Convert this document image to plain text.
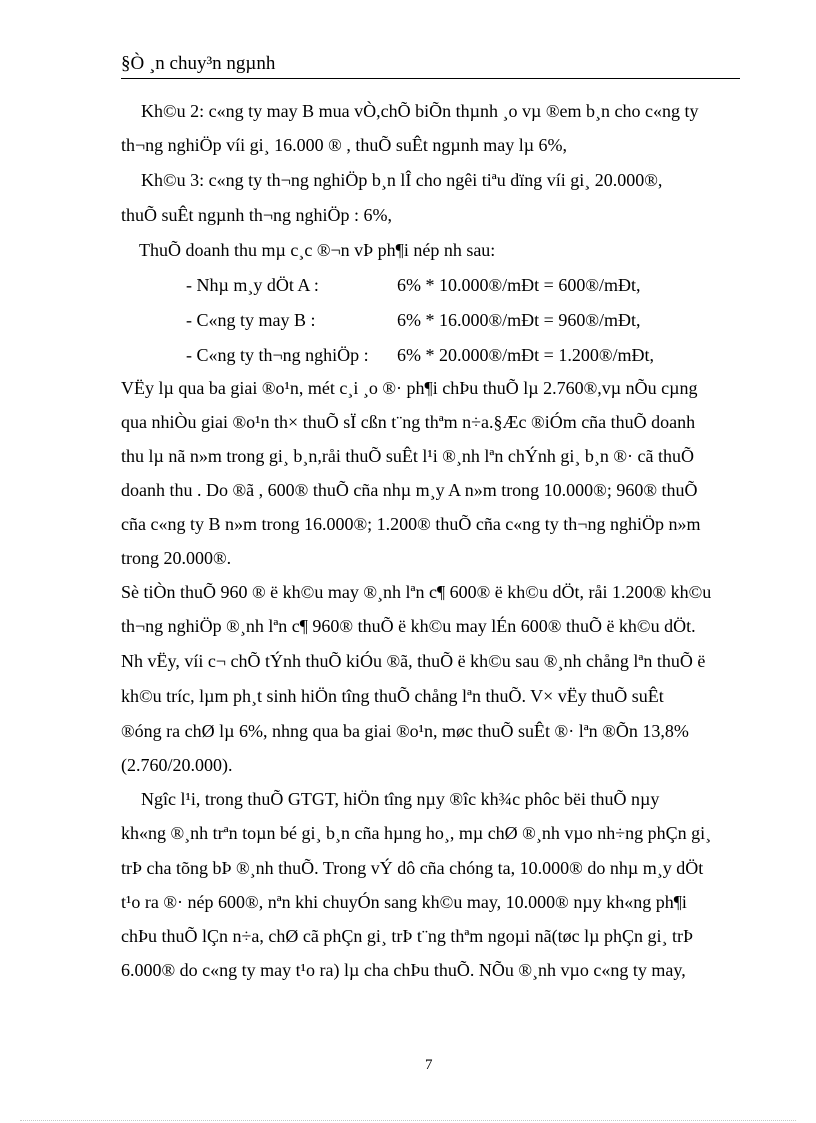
§Ò ¸n chuy³n ngµnh
Kh©u 2: c«ng ty may B mua vÒ,chÕ biÕn thµnh ¸o vµ ®em b¸n cho c«ng ty
th¬ng nghiÖp víi gi¸ 16.000 ® , thuÕ suÊt ngµnh may lµ 6%,
Kh©u 3: c«ng ty th¬ng nghiÖp b¸n lÎ cho ngêi tiªu dïng víi gi¸ 20.000®,
thuÕ suÊt ngµnh th¬ng nghiÖp : 6%,
ThuÕ doanh thu mµ c¸c ®¬n vÞ ph¶i nép nh sau:
- Nhµ m¸y dÖt A :	6% * 10.000®/mÐt = 600®/mÐt,
- C«ng ty may B :	6% * 16.000®/mÐt = 960®/mÐt,
- C«ng ty th¬ng nghiÖp : 6% * 20.000®/mÐt = 1.200®/mÐt,
VËy lµ qua ba giai ®o¹n, mét c¸i ¸o ®· ph¶i chÞu thuÕ lµ 2.760®,vµ nÕu cµng
qua nhiÒu giai ®o¹n th× thuÕ sÏ cßn t¨ng thªm n÷a.§Æc ®iÓm cña thuÕ doanh
thu lµ nã n»m trong gi¸ b¸n,råi thuÕ suÊt l¹i ®¸nh lªn chÝnh gi¸ b¸n ®· cã thuÕ
doanh thu . Do ®ã , 600® thuÕ cña nhµ m¸y A n»m trong 10.000®; 960® thuÕ
cña c«ng ty B n»m trong 16.000®; 1.200® thuÕ cña c«ng ty th¬ng nghiÖp n»m
trong 20.000®.
Sè tiÒn thuÕ 960 ® ë kh©u may ®¸nh lªn c¶ 600® ë kh©u dÖt, råi 1.200® kh©u
th¬ng nghiÖp ®¸nh lªn c¶ 960® thuÕ ë kh©u may lÉn 600® thuÕ ë kh©u dÖt.
Nh vËy, víi c¬ chÕ tÝnh thuÕ kiÓu ®ã, thuÕ ë kh©u sau ®¸nh chång lªn thuÕ ë
kh©u tríc, lµm ph¸t sinh hiÖn tîng thuÕ chång lªn thuÕ. V× vËy thuÕ suÊt
®óng ra chØ lµ 6%, nhng qua ba giai ®o¹n, møc thuÕ suÊt ®· lªn ®Õn 13,8%
(2.760/20.000).
Ngîc l¹i, trong thuÕ GTGT, hiÖn tîng nµy ®îc kh¾c phôc bëi thuÕ nµy
kh«ng ®¸nh trªn toµn bé gi¸ b¸n cña hµng ho¸, mµ chØ ®¸nh vµo nh÷ng phÇn gi¸
trÞ cha tõng bÞ ®¸nh thuÕ. Trong vÝ dô cña chóng ta, 10.000® do nhµ m¸y dÖt
t¹o ra ®· nép 600®, nªn khi chuyÓn sang kh©u may, 10.000® nµy kh«ng ph¶i
chÞu thuÕ lÇn n÷a, chØ cã phÇn gi¸ trÞ t¨ng thªm ngoµi nã(tøc lµ phÇn gi¸ trÞ
6.000® do c«ng ty may t¹o ra) lµ cha chÞu thuÕ. NÕu ®¸nh vµo c«ng ty may,
7
